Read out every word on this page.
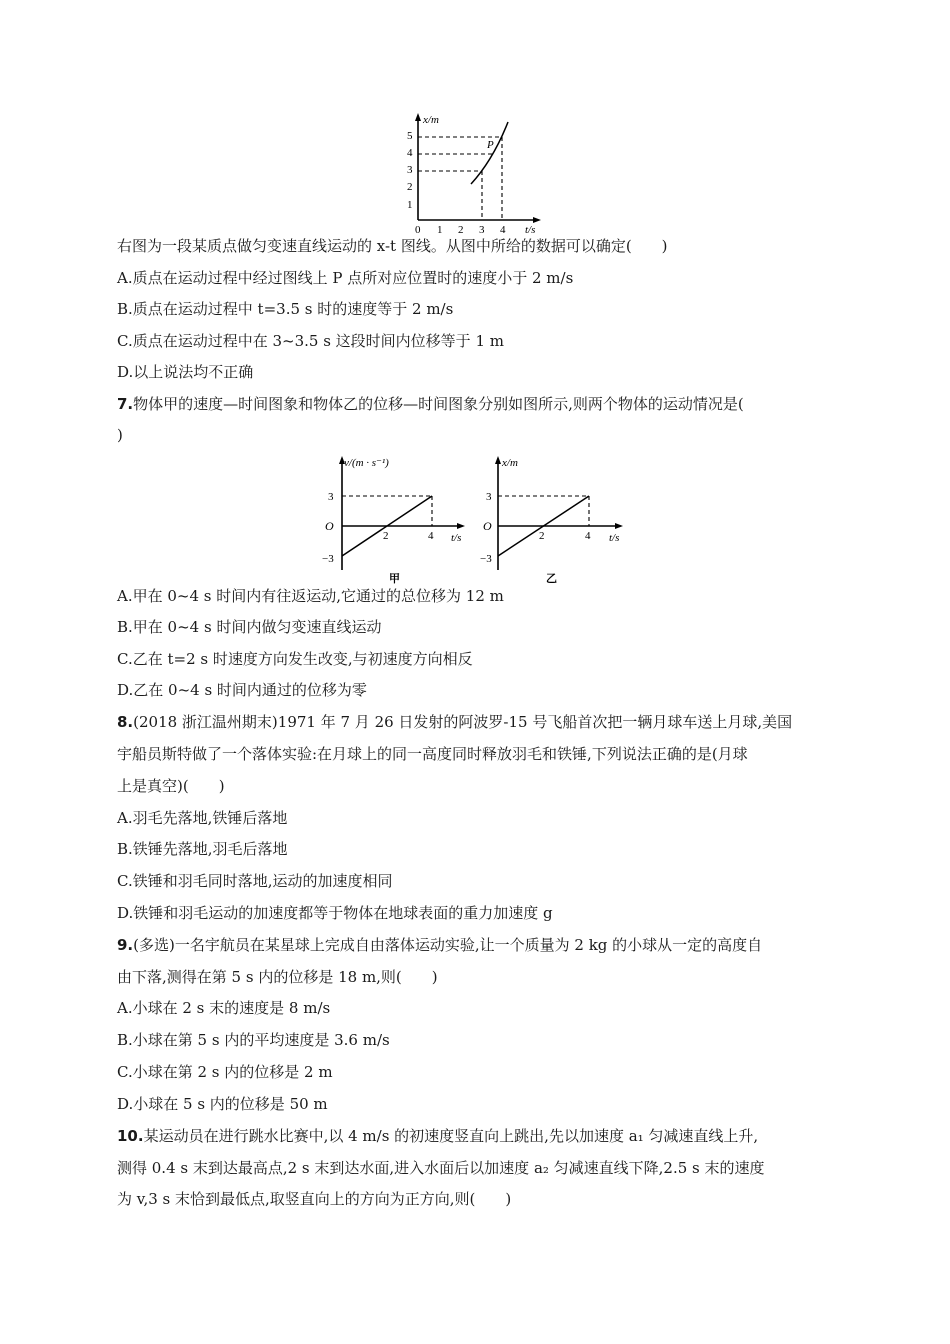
x/m
t/s
1
2
3
4
5
0 1 2 3 4
P
右图为一段某质点做匀变速直线运动的 x-t 图线。从图中所给的数据可以确定(　　)
A.质点在运动过程中经过图线上 P 点所对应位置时的速度小于 2 m/s
B.质点在运动过程中 t=3.5 s 时的速度等于 2 m/s
C.质点在运动过程中在 3~3.5 s 这段时间内位移等于 1 m
D.以上说法均不正确
7.物体甲的速度—时间图象和物体乙的位移—时间图象分别如图所示,则两个物体的运动情况是(
)
v/(m · s⁻¹)
t/s
O
3
−3
2	4
甲
x/m
t/s
O
3
−3
2	4
乙
A.甲在 0~4 s 时间内有往返运动,它通过的总位移为 12 m
B.甲在 0~4 s 时间内做匀变速直线运动
C.乙在 t=2 s 时速度方向发生改变,与初速度方向相反
D.乙在 0~4 s 时间内通过的位移为零
8.(2018 浙江温州期末)1971 年 7 月 26 日发射的阿波罗-15 号飞船首次把一辆月球车送上月球,美国
宇船员斯特做了一个落体实验:在月球上的同一高度同时释放羽毛和铁锤,下列说法正确的是(月球
上是真空)(　　)
A.羽毛先落地,铁锤后落地
B.铁锤先落地,羽毛后落地
C.铁锤和羽毛同时落地,运动的加速度相同
D.铁锤和羽毛运动的加速度都等于物体在地球表面的重力加速度 g
9.(多选)一名宇航员在某星球上完成自由落体运动实验,让一个质量为 2 kg 的小球从一定的高度自
由下落,测得在第 5 s 内的位移是 18 m,则(　　)
A.小球在 2 s 末的速度是 8 m/s
B.小球在第 5 s 内的平均速度是 3.6 m/s
C.小球在第 2 s 内的位移是 2 m
D.小球在 5 s 内的位移是 50 m
10.某运动员在进行跳水比赛中,以 4 m/s 的初速度竖直向上跳出,先以加速度 a₁ 匀减速直线上升,
测得 0.4 s 末到达最高点,2 s 末到达水面,进入水面后以加速度 a₂ 匀减速直线下降,2.5 s 末的速度
为 v,3 s 末恰到最低点,取竖直向上的方向为正方向,则(　　)
